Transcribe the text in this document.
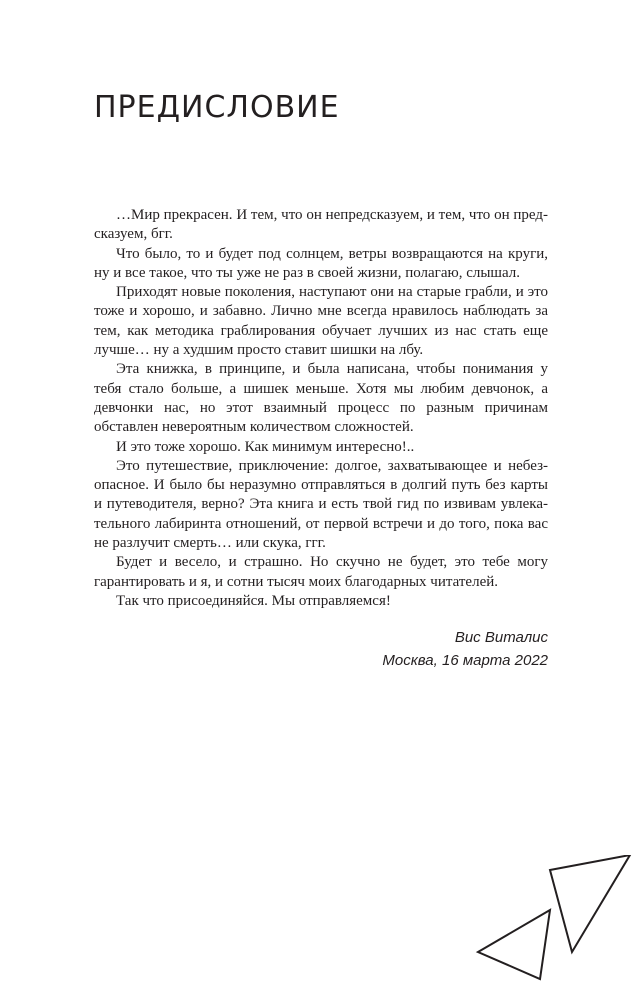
ПРЕДИСЛОВИЕ

…Мир прекрасен. И тем, что он непредсказуем, и тем, что он предсказуем, бгг.

Что было, то и будет под солнцем, ветры возвращаются на круги, ну и все такое, что ты уже не раз в своей жизни, полагаю, слышал.

Приходят новые поколения, наступают они на старые грабли, и это тоже и хорошо, и забавно. Лично мне всегда нравилось наблюдать за тем, как методика граблирования обучает лучших из нас стать еще лучше… ну а худшим просто ставит шишки на лбу.

Эта книжка, в принципе, и была написана, чтобы понимания у тебя стало больше, а шишек меньше. Хотя мы любим девчонок, а девчонки нас, но этот взаимный процесс по разным причинам обставлен невероятным количеством сложностей.

И это тоже хорошо. Как минимум интересно!..

Это путешествие, приключение: долгое, захватывающее и небезопасное. И было бы неразумно отправляться в долгий путь без карты и путеводителя, верно? Эта книга и есть твой гид по извивам увлекательного лабиринта отношений, от первой встречи и до того, пока вас не разлучит смерть… или скука, ггг.

Будет и весело, и страшно. Но скучно не будет, это тебе могу гарантировать и я, и сотни тысяч моих благодарных читателей.

Так что присоединяйся. Мы отправляемся!

Вис Виталис
Москва, 16 марта 2022
